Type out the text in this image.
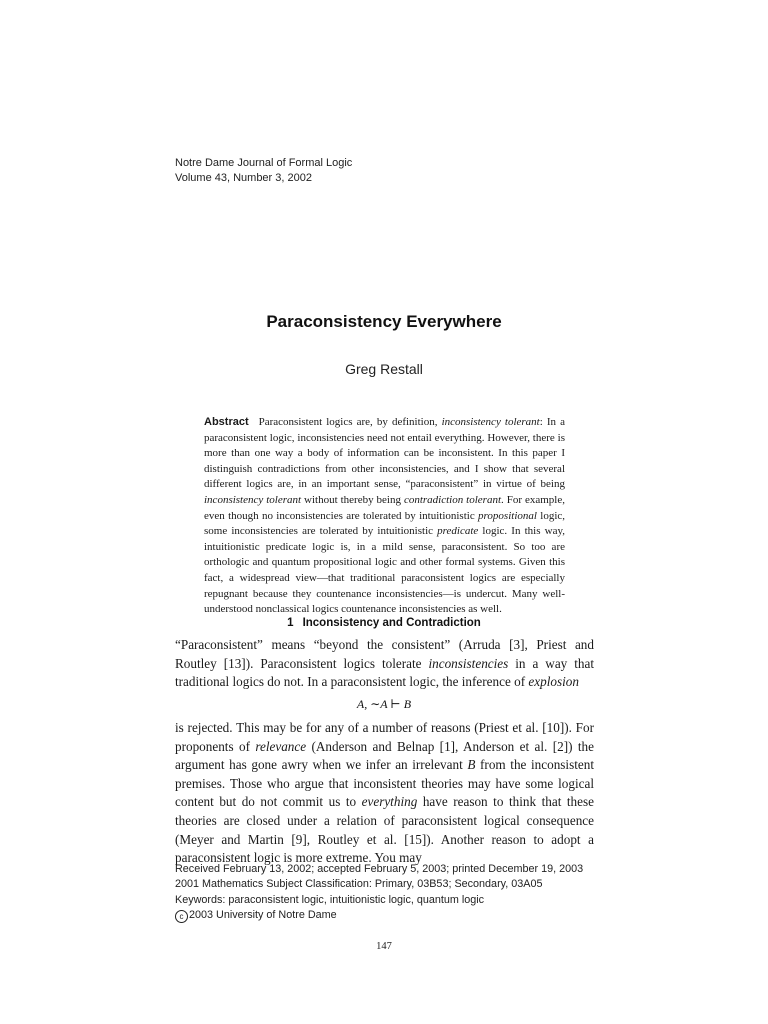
Notre Dame Journal of Formal Logic
Volume 43, Number 3, 2002
Paraconsistency Everywhere
Greg Restall
Abstract Paraconsistent logics are, by definition, inconsistency tolerant: In a paraconsistent logic, inconsistencies need not entail everything. However, there is more than one way a body of information can be inconsistent. In this paper I distinguish contradictions from other inconsistencies, and I show that several different logics are, in an important sense, “paraconsistent” in virtue of being inconsistency tolerant without thereby being contradiction tolerant. For example, even though no inconsistencies are tolerated by intuitionistic propositional logic, some inconsistencies are tolerated by intuitionistic predicate logic. In this way, intuitionistic predicate logic is, in a mild sense, paraconsistent. So too are orthologic and quantum propositional logic and other formal systems. Given this fact, a widespread view—that traditional paraconsistent logics are especially repugnant because they countenance inconsistencies—is undercut. Many well-understood nonclassical logics countenance inconsistencies as well.
1 Inconsistency and Contradiction
“Paraconsistent” means “beyond the consistent” (Arruda [3], Priest and Routley [13]). Paraconsistent logics tolerate inconsistencies in a way that traditional logics do not. In a paraconsistent logic, the inference of explosion
A, ∼A ⊢ B
is rejected. This may be for any of a number of reasons (Priest et al. [10]). For proponents of relevance (Anderson and Belnap [1], Anderson et al. [2]) the argument has gone awry when we infer an irrelevant B from the inconsistent premises. Those who argue that inconsistent theories may have some logical content but do not commit us to everything have reason to think that these theories are closed under a relation of paraconsistent logical consequence (Meyer and Martin [9], Routley et al. [15]). Another reason to adopt a paraconsistent logic is more extreme. You may
Received February 13, 2002; accepted February 5, 2003; printed December 19, 2003
2001 Mathematics Subject Classification: Primary, 03B53; Secondary, 03A05
Keywords: paraconsistent logic, intuitionistic logic, quantum logic
c 2003 University of Notre Dame
147
